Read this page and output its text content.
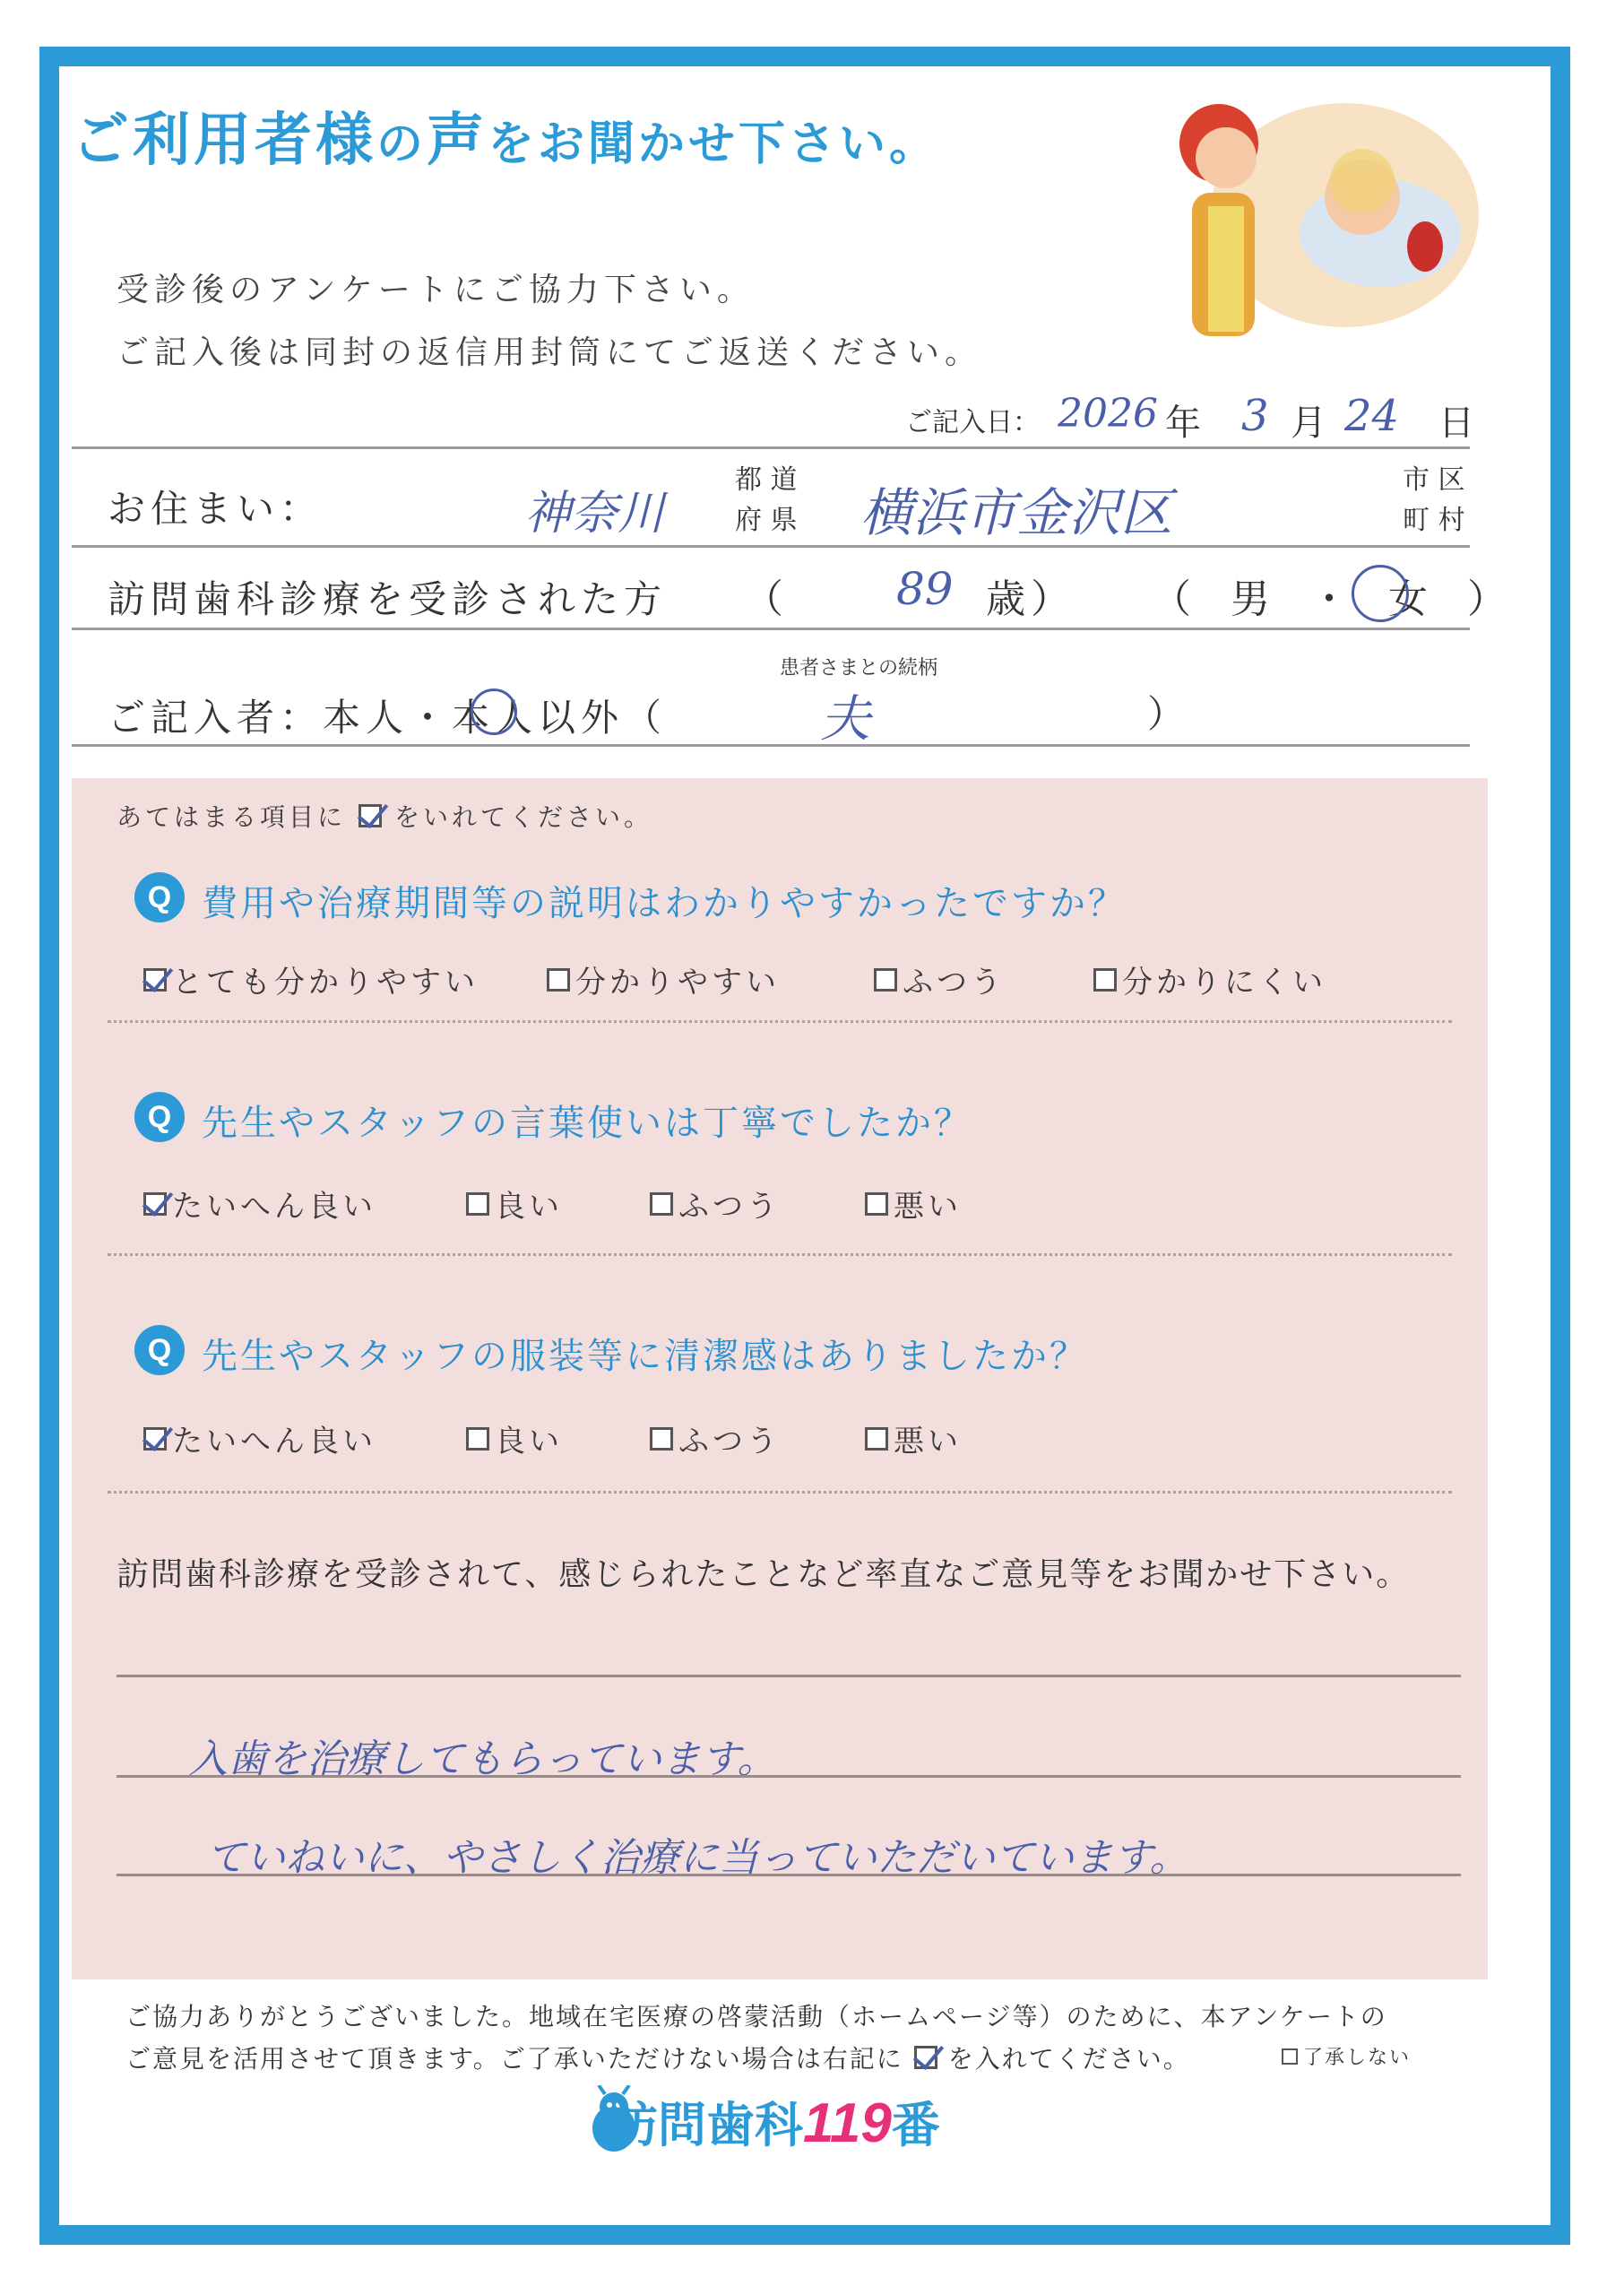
ご利用者様の声をお聞かせ下さい。
受診後のアンケートにご協力下さい。
ご記入後は同封の返信用封筒にてご返送ください。
ご記入日： 2026 年 3 月 24 日
お住まい：	神奈川
都 道
府 県 横浜市金沢区
市 区
町 村
訪問歯科診療を受診された方 （	89 歳） （　男　・　女　）
患者さまとの続柄
ご記入者：本人・本人以外（	夫	）
あてはまる項目に をいれてください。
Q 費用や治療期間等の説明はわかりやすかったですか？
とても分かりやすい	分かりやすい	ふつう	分かりにくい
Q 先生やスタッフの言葉使いは丁寧でしたか？
たいへん良い	良い	ふつう	悪い
Q 先生やスタッフの服装等に清潔感はありましたか？
たいへん良い	良い	ふつう	悪い
訪問歯科診療を受診されて、感じられたことなど率直なご意見等をお聞かせ下さい。
入歯を治療してもらっています。
ていねいに、やさしく治療に当っていただいています。
ご協力ありがとうございました。地域在宅医療の啓蒙活動（ホームページ等）のために、本アンケートの
ご意見を活用させて頂きます。ご了承いただけない場合は右記に を入れてください。	了承しない
訪問歯科119番
